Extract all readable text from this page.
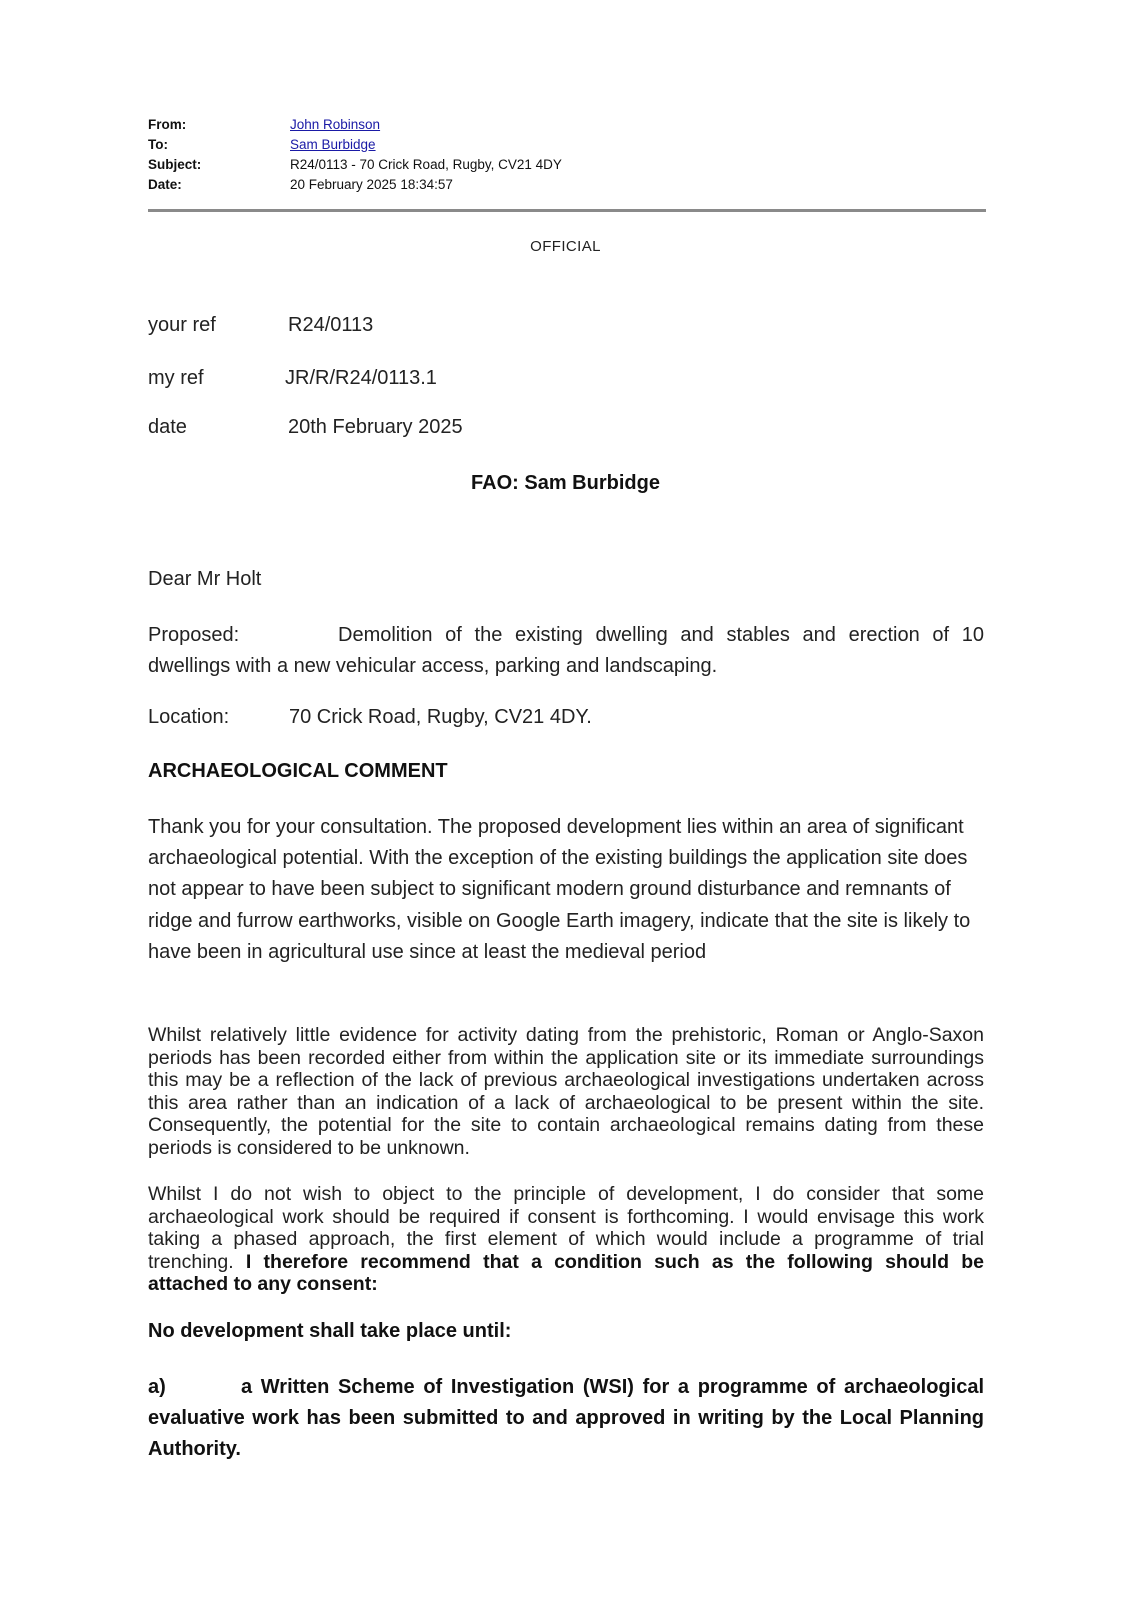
From:	John Robinson
To:	Sam Burbidge
Subject:	R24/0113 - 70 Crick Road, Rugby, CV21 4DY
Date:	20 February 2025 18:34:57
OFFICIAL
your ref	R24/0113
my ref	JR/R/R24/0113.1
date	20th February 2025
FAO: Sam Burbidge
Dear Mr Holt
Proposed:	Demolition of the existing dwelling and stables and erection of 10 dwellings with a new vehicular access, parking and landscaping.
Location:	70 Crick Road, Rugby, CV21 4DY.
ARCHAEOLOGICAL COMMENT
Thank you for your consultation. The proposed development lies within an area of significant archaeological potential. With the exception of the existing buildings the application site does not appear to have been subject to significant modern ground disturbance and remnants of ridge and furrow earthworks, visible on Google Earth imagery, indicate that the site is likely to have been in agricultural use since at least the medieval period
Whilst relatively little evidence for activity dating from the prehistoric, Roman or Anglo-Saxon periods has been recorded either from within the application site or its immediate surroundings this may be a reflection of the lack of previous archaeological investigations undertaken across this area rather than an indication of a lack of archaeological to be present within the site. Consequently, the potential for the site to contain archaeological remains dating from these periods is considered to be unknown.
Whilst I do not wish to object to the principle of development, I do consider that some archaeological work should be required if consent is forthcoming. I would envisage this work taking a phased approach, the first element of which would include a programme of trial trenching. I therefore recommend that a condition such as the following should be attached to any consent:
No development shall take place until:
a)	a Written Scheme of Investigation (WSI) for a programme of archaeological evaluative work has been submitted to and approved in writing by the Local Planning Authority.
